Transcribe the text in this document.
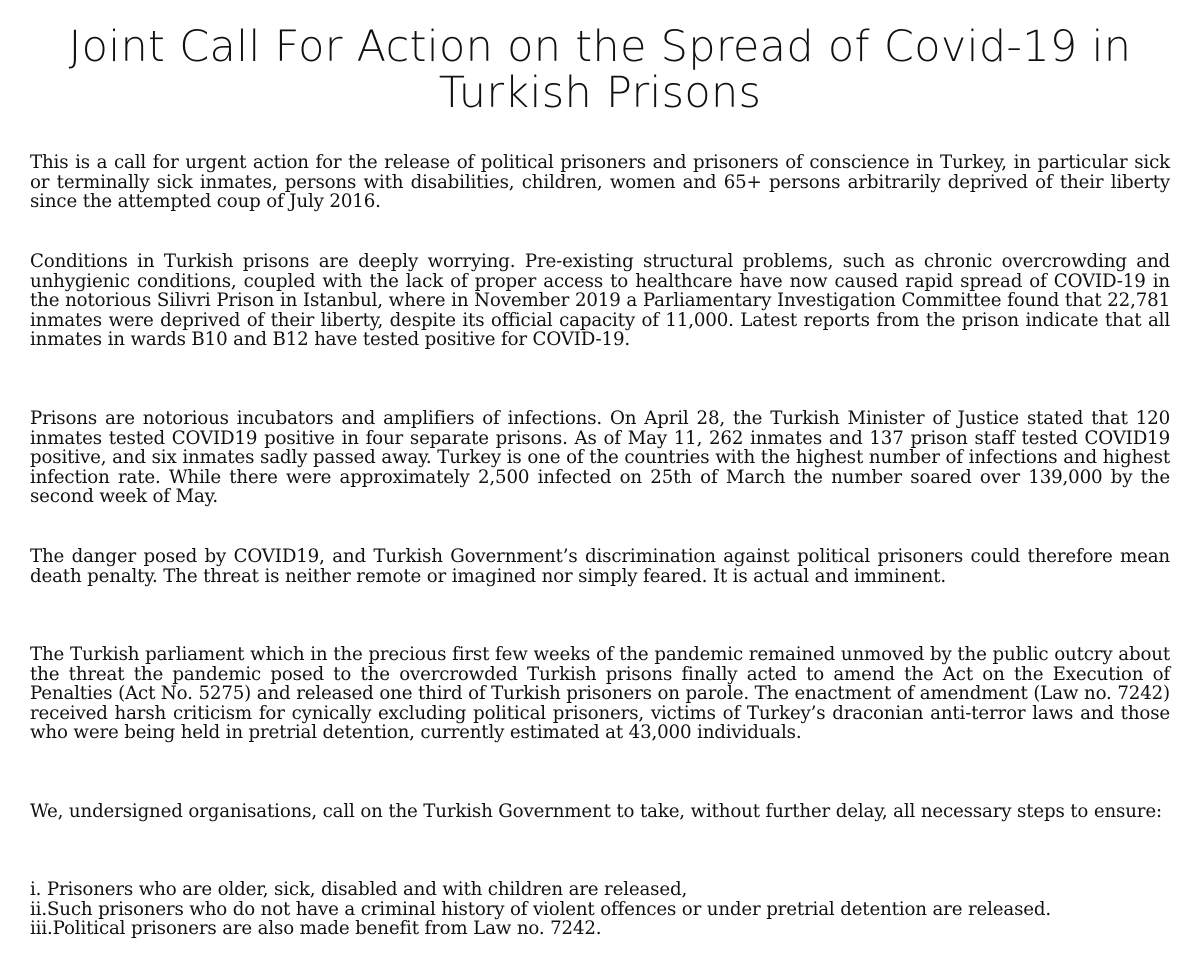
Joint Call For Action on the Spread of Covid-19 in Turkish Prisons

This is a call for urgent action for the release of political prisoners and prisoners of conscience in Turkey, in particular sick or terminally sick inmates, persons with disabilities, children, women and 65+ persons arbitrarily deprived of their liberty since the attempted coup of July 2016.

Conditions in Turkish prisons are deeply worrying. Pre-existing structural problems, such as chronic overcrowding and unhygienic conditions, coupled with the lack of proper access to healthcare have now caused rapid spread of COVID-19 in the notorious Silivri Prison in Istanbul, where in November 2019 a Parliamentary Investigation Committee found that 22,781 inmates were deprived of their liberty, despite its official capacity of 11,000. Latest reports from the prison indicate that all inmates in wards B10 and B12 have tested positive for COVID-19.

Prisons are notorious incubators and amplifiers of infections. On April 28, the Turkish Minister of Justice stated that 120 inmates tested COVID19 positive in four separate prisons. As of May 11, 262 inmates and 137 prison staff tested COVID19 positive, and six inmates sadly passed away. Turkey is one of the countries with the highest number of infections and highest infection rate. While there were approximately 2,500 infected on 25th of March the number soared over 139,000 by the second week of May.

The danger posed by COVID19, and Turkish Government’s discrimination against political prisoners could therefore mean death penalty. The threat is neither remote or imagined nor simply feared. It is actual and imminent.

The Turkish parliament which in the precious first few weeks of the pandemic remained unmoved by the public outcry about the threat the pandemic posed to the overcrowded Turkish prisons finally acted to amend the Act on the Execution of Penalties (Act No. 5275) and released one third of Turkish prisoners on parole. The enactment of amendment (Law no. 7242) received harsh criticism for cynically excluding political prisoners, victims of Turkey’s draconian anti-terror laws and those who were being held in pretrial detention, currently estimated at 43,000 individuals.

We, undersigned organisations, call on the Turkish Government to take, without further delay, all necessary steps to ensure:

i. Prisoners who are older, sick, disabled and with children are released,
ii.Such prisoners who do not have a criminal history of violent offences or under pretrial detention are released.
iii.Political prisoners are also made benefit from Law no. 7242.
